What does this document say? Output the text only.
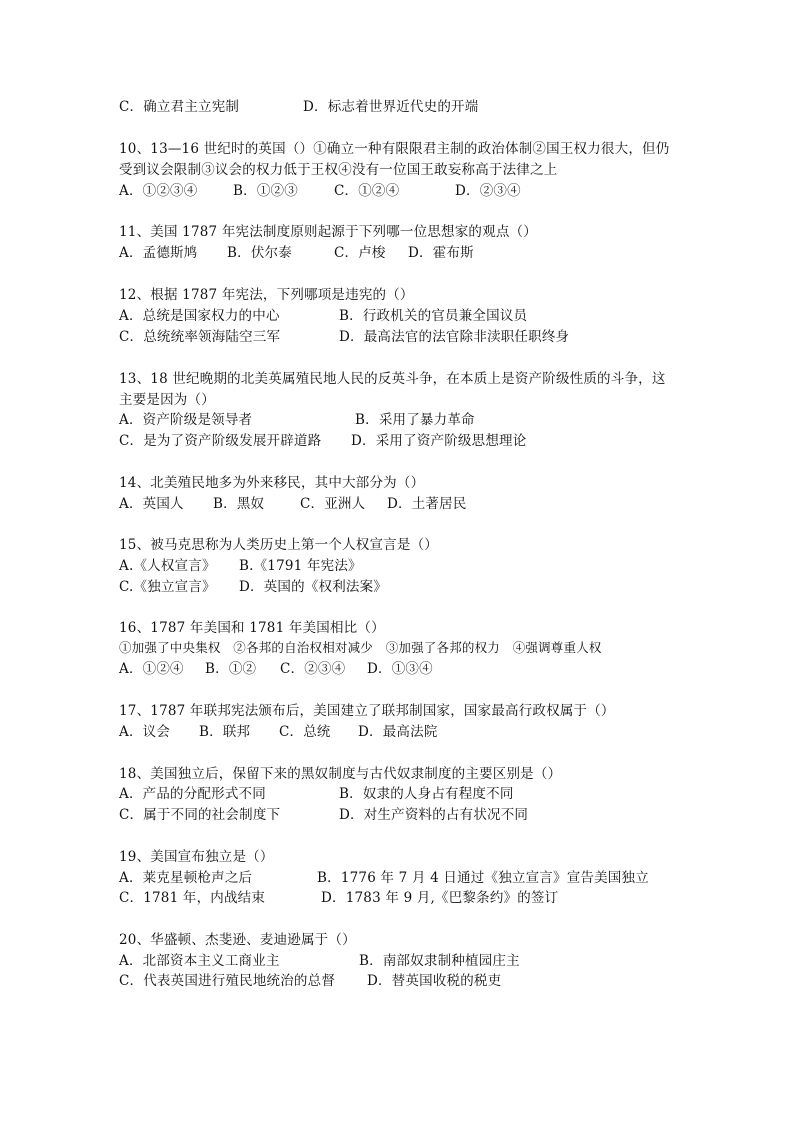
C．确立君主立宪制	D．标志着世界近代史的开端
10、13—16 世纪时的英国（）①确立一种有限限君主制的政治体制②国王权力很大，但仍
受到议会限制③议会的权力低于王权④没有一位国王敢妄称高于法律之上
A．①②③④	B．①②③	C．①②④	D．②③④
11、美国 1787 年宪法制度原则起源于下列哪一位思想家的观点（）
A．孟德斯鸠 B．伏尔泰	C．卢梭 D．霍布斯
12、根据 1787 年宪法，下列哪项是违宪的（）
A．总统是国家权力的中心	B．行政机关的官员兼全国议员
C．总统统率领海陆空三军	D．最高法官的法官除非渎职任职终身
13、18 世纪晚期的北美英属殖民地人民的反英斗争，在本质上是资产阶级性质的斗争，这
主要是因为（）
A．资产阶级是领导者	B．采用了暴力革命
C．是为了资产阶级发展开辟道路 D．采用了资产阶级思想理论
14、北美殖民地多为外来移民，其中大部分为（）
A．英国人 B．黑奴	C．亚洲人 D．土著居民
15、被马克思称为人类历史上第一个人权宣言是（）
A.《人权宣言》 B.《1791 年宪法》
C.《独立宣言》 D．英国的《权利法案》
16、1787 年美国和 1781 年美国相比（）
①加强了中央集权　②各邦的自治权相对减少　③加强了各邦的权力　④强调尊重人权
A．①②④ B．①② C．②③④ D．①③④
17、1787 年联邦宪法颁布后，美国建立了联邦制国家，国家最高行政权属于（）
A．议会 B．联邦 C．总统 D．最高法院
18、美国独立后，保留下来的黑奴制度与古代奴隶制度的主要区别是（）
A．产品的分配形式不同	B．奴隶的人身占有程度不同
C．属于不同的社会制度下	D．对生产资料的占有状况不同
19、美国宣布独立是（）
A．莱克星顿枪声之后	B．1776 年 7 月 4 日通过《独立宣言》宣告美国独立
C．1781 年，内战结束	D．1783 年 9 月,《巴黎条约》的签订
20、华盛顿、杰斐逊、麦迪逊属于（）
A．北部资本主义工商业主	B．南部奴隶制种植园庄主
C．代表英国进行殖民地统治的总督 D．替英国收税的税吏
